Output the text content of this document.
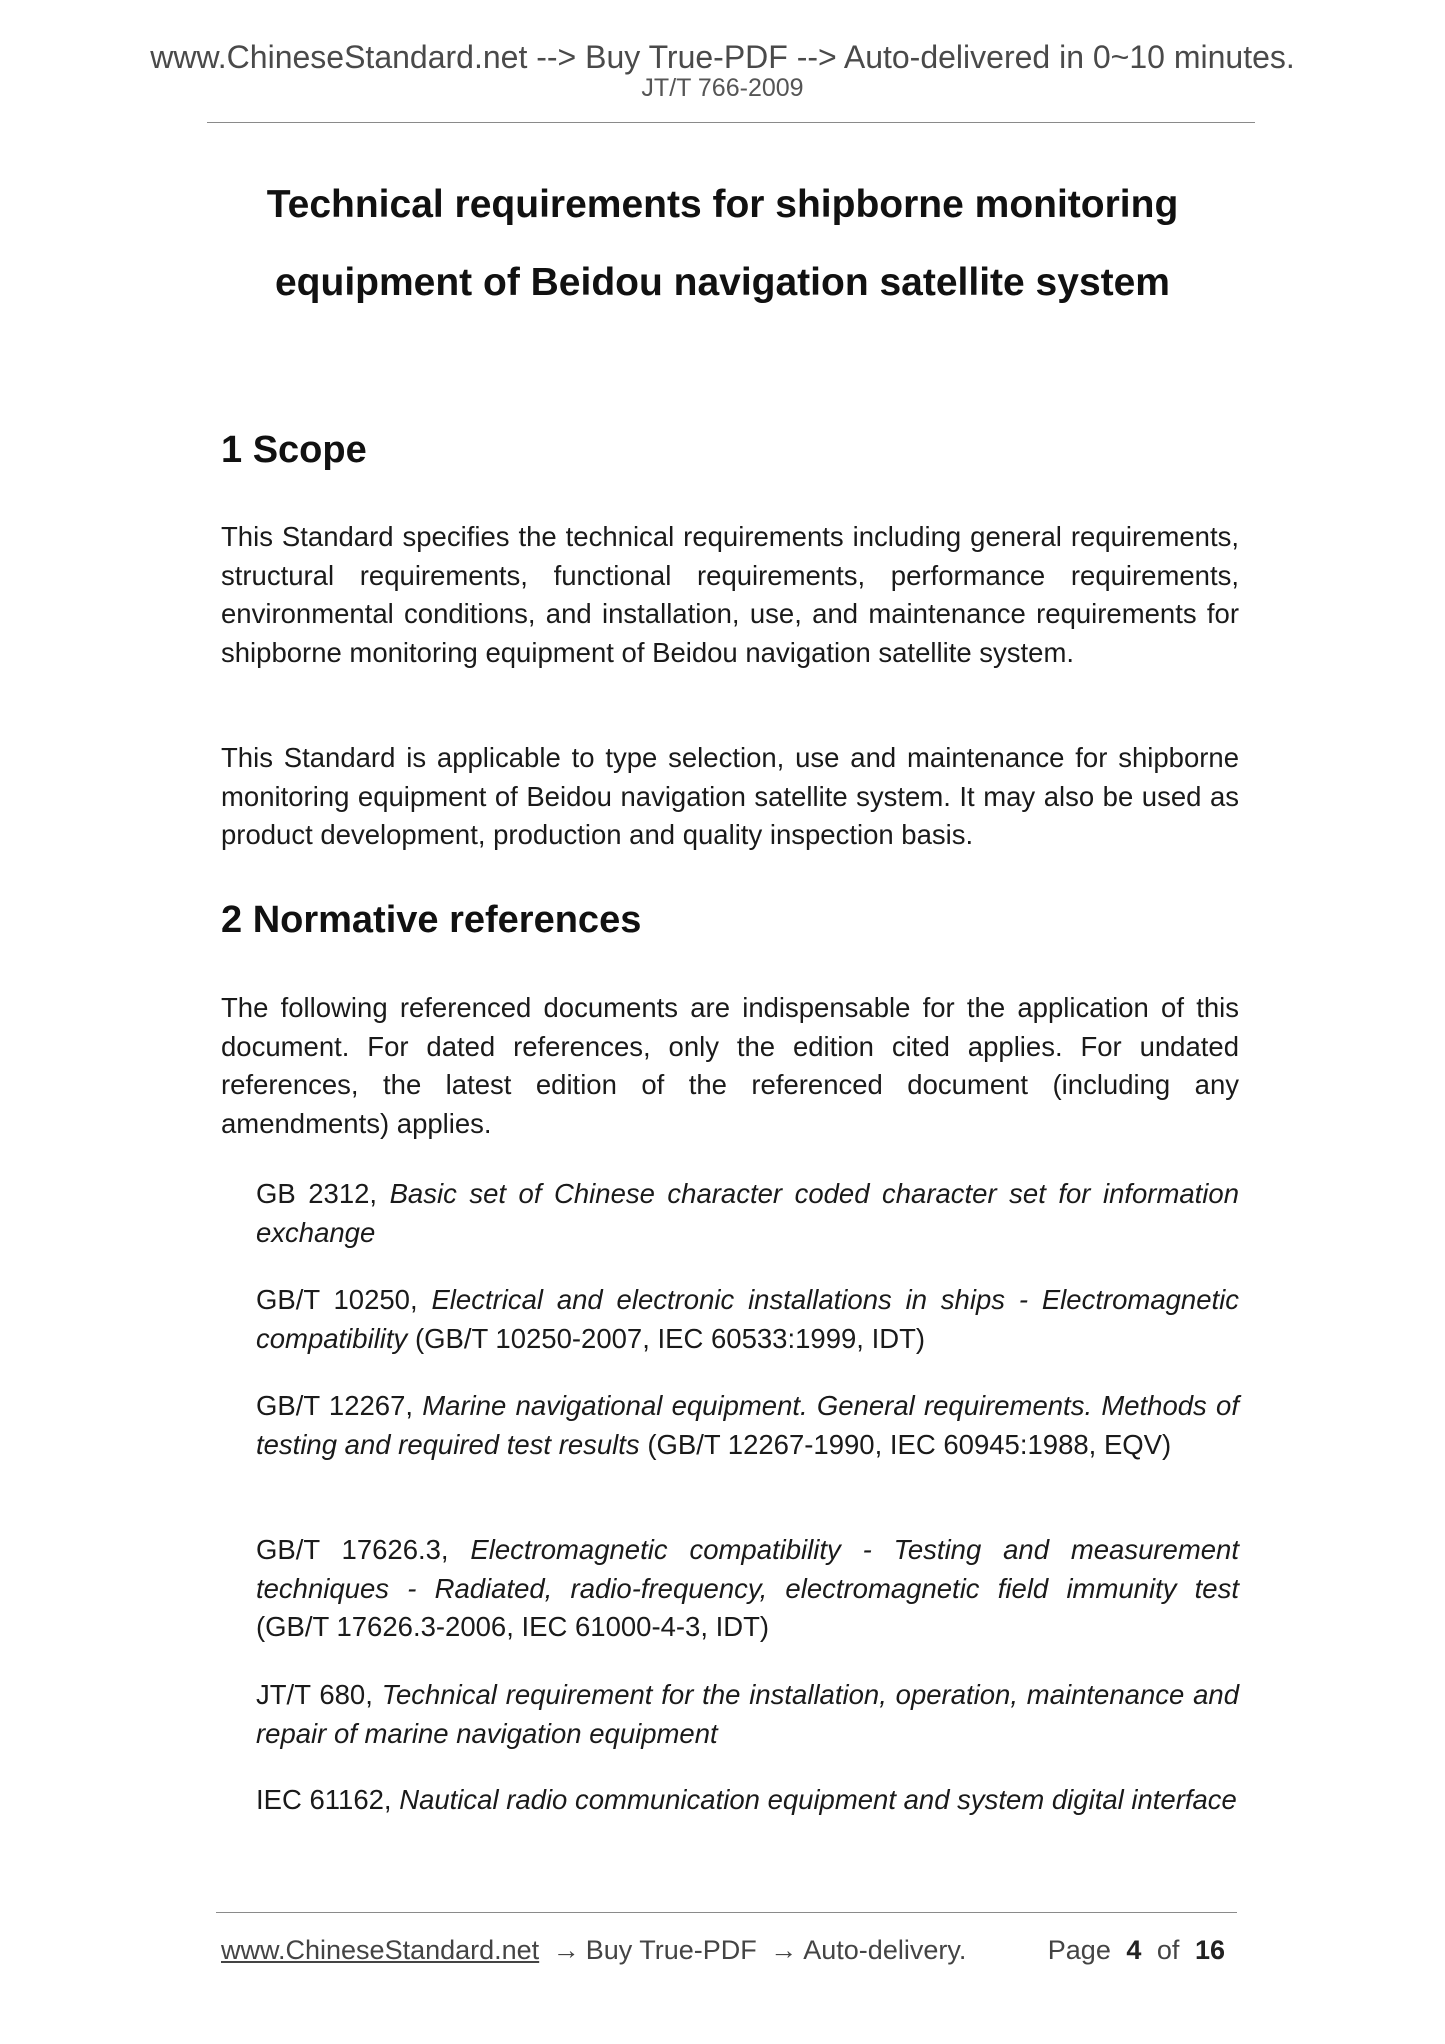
www.ChineseStandard.net --> Buy True-PDF --> Auto-delivered in 0~10 minutes.
JT/T 766-2009
Technical requirements for shipborne monitoring equipment of Beidou navigation satellite system
1 Scope
This Standard specifies the technical requirements including general requirements, structural requirements, functional requirements, performance requirements, environmental conditions, and installation, use, and maintenance requirements for shipborne monitoring equipment of Beidou navigation satellite system.
This Standard is applicable to type selection, use and maintenance for shipborne monitoring equipment of Beidou navigation satellite system. It may also be used as product development, production and quality inspection basis.
2 Normative references
The following referenced documents are indispensable for the application of this document. For dated references, only the edition cited applies. For undated references, the latest edition of the referenced document (including any amendments) applies.
GB 2312, Basic set of Chinese character coded character set for information exchange
GB/T 10250, Electrical and electronic installations in ships - Electromagnetic compatibility (GB/T 10250-2007, IEC 60533:1999, IDT)
GB/T 12267, Marine navigational equipment. General requirements. Methods of testing and required test results (GB/T 12267-1990, IEC 60945:1988, EQV)
GB/T 17626.3, Electromagnetic compatibility - Testing and measurement techniques - Radiated, radio-frequency, electromagnetic field immunity test (GB/T 17626.3-2006, IEC 61000-4-3, IDT)
JT/T 680, Technical requirement for the installation, operation, maintenance and repair of marine navigation equipment
IEC 61162, Nautical radio communication equipment and system digital interface
www.ChineseStandard.net → Buy True-PDF → Auto-delivery.	Page 4 of 16
